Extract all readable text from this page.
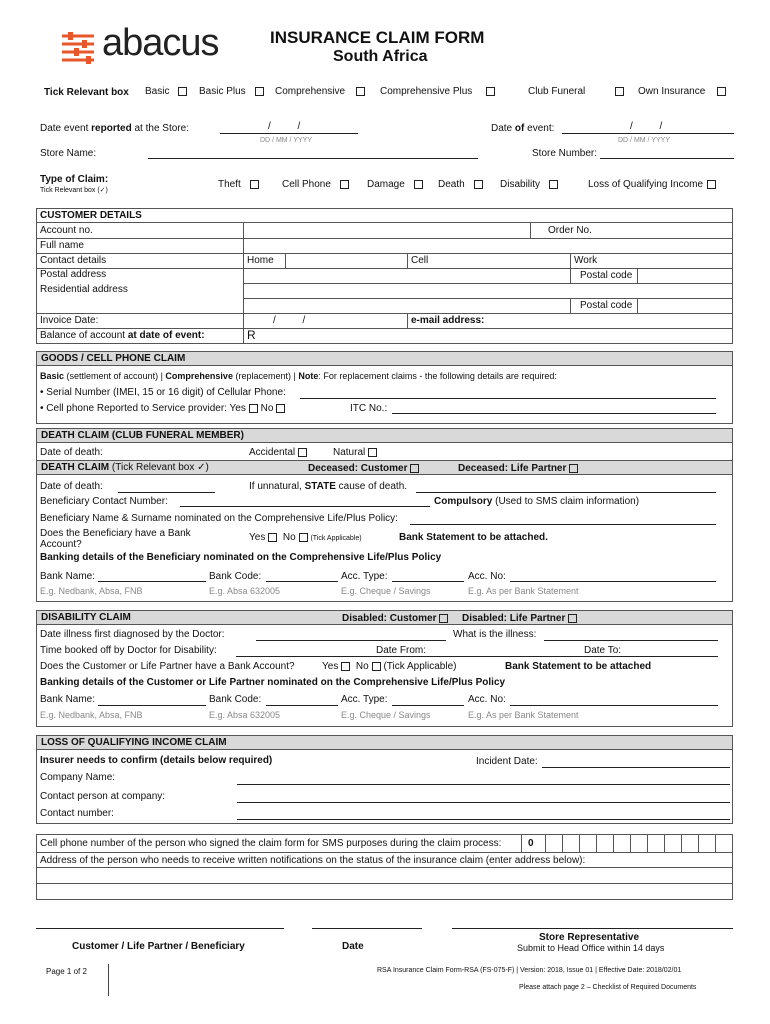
abacus	INSURANCE CLAIM FORM
South Africa
Tick Relevant box Basic	Basic Plus	Comprehensive	Comprehensive Plus	Club Funeral	Own Insurance
Date event reported at the Store:	/ /
DD / MM / YYYY
Date of event:	/ /
DD / MM / YYYY
Store Name:	Store Number:
Type of Claim:
Tick Relevant box (✓)
Theft	Cell Phone	Damage	Death	Disability	Loss of Qualifying Income
CUSTOMER DETAILS
Account no.	Order No.
Full name
Contact details	Home	Cell	Work
Postal address	Postal code
Residential address
Postal code
Invoice Date:	/ /	e-mail address:
Balance of account at date of event:	R
GOODS / CELL PHONE CLAIM
Basic (settlement of account) | Comprehensive (replacement) | Note: For replacement claims - the following details are required:
• Serial Number (IMEI, 15 or 16 digit) of Cellular Phone:
• Cell phone Reported to Service provider: Yes No	ITC No.:
DEATH CLAIM (CLUB FUNERAL MEMBER)
Date of death:	Accidental	Natural
DEATH CLAIM (Tick Relevant box ✓)	Deceased: Customer	Deceased: Life Partner
Date of death:	If unnatural, STATE cause of death.
Beneficiary Contact Number:	Compulsory (Used to SMS claim information)
Beneficiary Name & Surname nominated on the Comprehensive Life/Plus Policy:
Does the Beneficiary have a Bank
Account?
Yes No (Tick Applicable)	Bank Statement to be attached.
Banking details of the Beneficiary nominated on the Comprehensive Life/Plus Policy
Bank Name:	Bank Code:	Acc. Type:	Acc. No:
E.g. Nedbank, Absa, FNB	E.g. Absa 632005	E.g. Cheque / Savings	E.g. As per Bank Statement
DISABILITY CLAIM	Disabled: Customer	Disabled: Life Partner
Date illness first diagnosed by the Doctor:	What is the illness:
Time booked off by Doctor for Disability:	Date From:	Date To:
Does the Customer or Life Partner have a Bank Account?	Yes No (Tick Applicable)	Bank Statement to be attached
Banking details of the Customer or Life Partner nominated on the Comprehensive Life/Plus Policy
Bank Name:	Bank Code:	Acc. Type:	Acc. No:
E.g. Nedbank, Absa, FNB	E.g. Absa 632005	E.g. Cheque / Savings	E.g. As per Bank Statement
LOSS OF QUALIFYING INCOME CLAIM
Insurer needs to confirm (details below required)	Incident Date:
Company Name:
Contact person at company:
Contact number:
Cell phone number of the person who signed the claim form for SMS purposes during the claim process:	0
Address of the person who needs to receive written notifications on the status of the insurance claim (enter address below):
Customer / Life Partner / Beneficiary	Date
Store Representative
Submit to Head Office within 14 days
Page 1 of 2	RSA Insurance Claim Form-RSA (FS-075-F) | Version: 2018, Issue 01 | Effective Date: 2018/02/01
Please attach page 2 – Checklist of Required Documents
